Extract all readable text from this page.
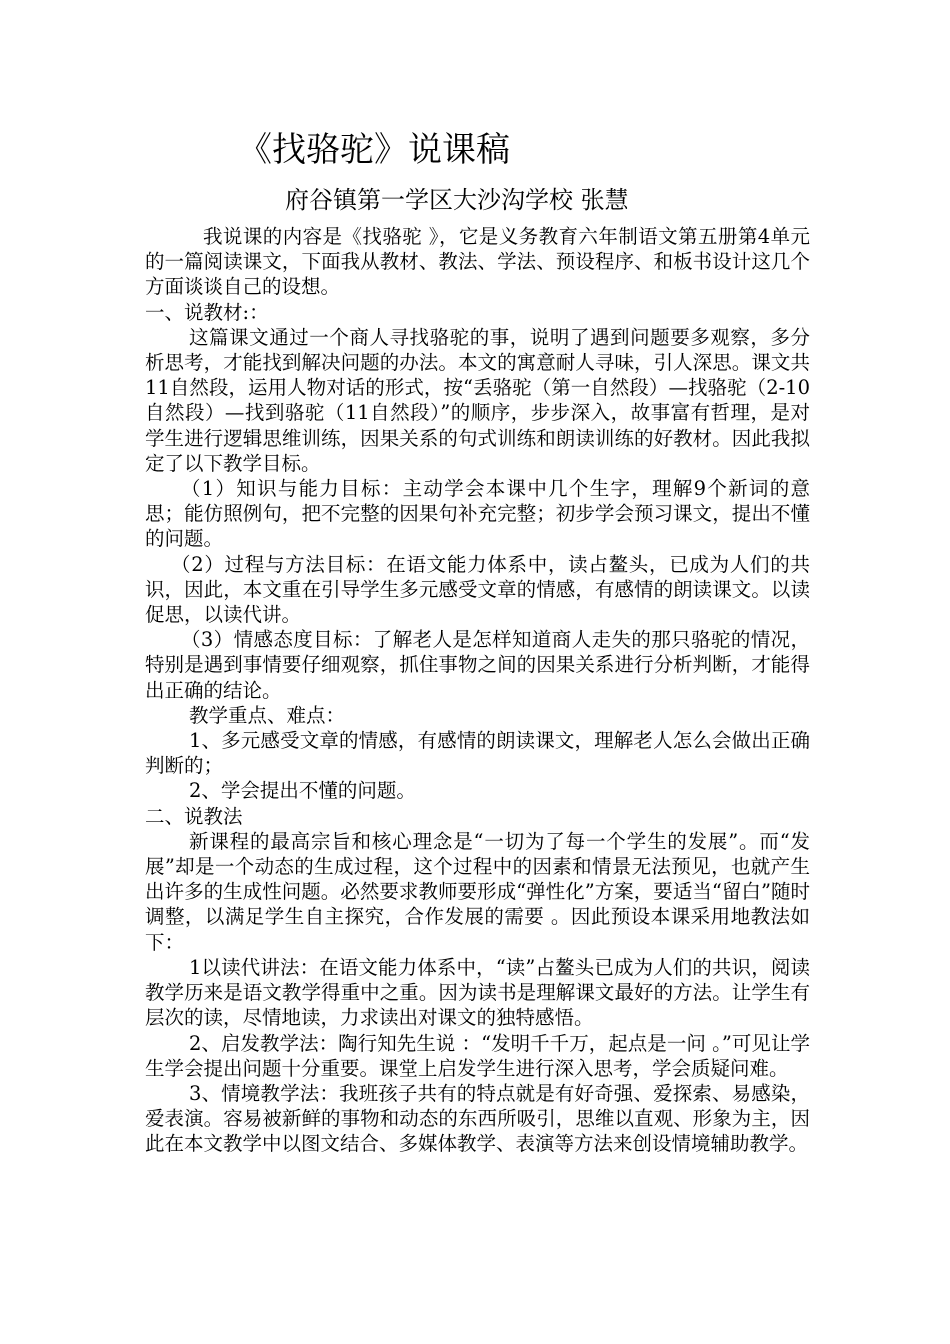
《找骆驼》说课稿
府谷镇第一学区大沙沟学校 张慧

我说课的内容是《找骆驼 》，它是义务教育六年制语文第五册第4单元的一篇阅读课文，下面我从教材、教法、学法、预设程序、和板书设计这几个方面谈谈自己的设想。

一、说教材:：

这篇课文通过一个商人寻找骆驼的事，说明了遇到问题要多观察，多分析思考，才能找到解决问题的办法。本文的寓意耐人寻味，引人深思。课文共11自然段，运用人物对话的形式，按“丢骆驼（第一自然段）—找骆驼（2-10自然段）—找到骆驼（11自然段）”的顺序，步步深入，故事富有哲理，是对学生进行逻辑思维训练，因果关系的句式训练和朗读训练的好教材。因此我拟定了以下教学目标。

（1）知识与能力目标：主动学会本课中几个生字，理解9个新词的意思；能仿照例句，把不完整的因果句补充完整；初步学会预习课文，提出不懂的问题。

（2）过程与方法目标：在语文能力体系中，读占鳌头，已成为人们的共识，因此，本文重在引导学生多元感受文章的情感，有感情的朗读课文。以读促思，以读代讲。

（3）情感态度目标：了解老人是怎样知道商人走失的那只骆驼的情况，特别是遇到事情要仔细观察，抓住事物之间的因果关系进行分析判断，才能得出正确的结论。

教学重点、难点：

1、多元感受文章的情感，有感情的朗读课文，理解老人怎么会做出正确判断的；

2、学会提出不懂的问题。

二、说教法

新课程的最高宗旨和核心理念是“一切为了每一个学生的发展”。而“发展”却是一个动态的生成过程，这个过程中的因素和情景无法预见，也就产生出许多的生成性问题。必然要求教师要形成“弹性化”方案，要适当“留白”随时调整，以满足学生自主探究，合作发展的需要 。因此预设本课采用地教法如下：

1以读代讲法：在语文能力体系中，“读”占鳌头已成为人们的共识，阅读教学历来是语文教学得重中之重。因为读书是理解课文最好的方法。让学生有层次的读，尽情地读，力求读出对课文的独特感悟。

2、启发教学法：陶行知先生说 ：“发明千千万，起点是一问 。”可见让学生学会提出问题十分重要。课堂上启发学生进行深入思考，学会质疑问难。

3、情境教学法：我班孩子共有的特点就是有好奇强、爱探索、易感染，爱表演。容易被新鲜的事物和动态的东西所吸引，思维以直观、形象为主，因此在本文教学中以图文结合、多媒体教学、表演等方法来创设情境辅助教学。
